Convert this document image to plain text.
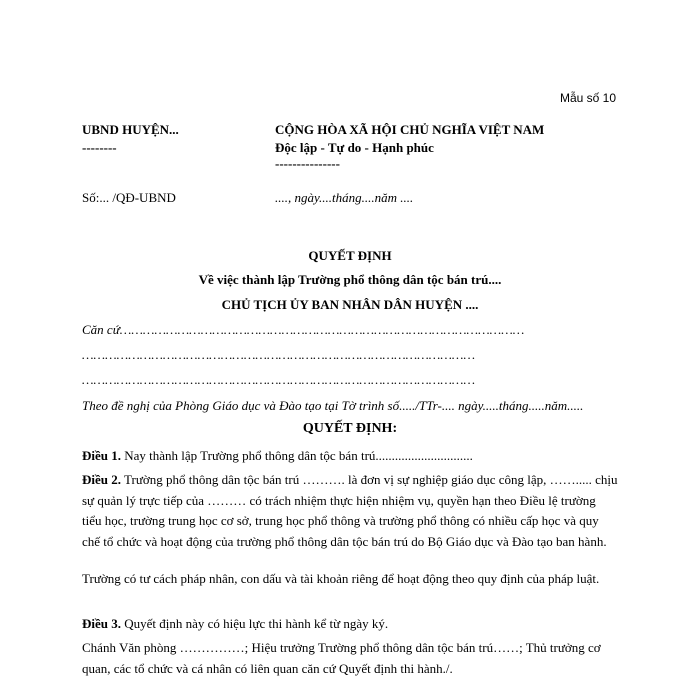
Mẫu số 10
UBND HUYỆN...
--------
CỘNG HÒA XÃ HỘI CHỦ NGHĨA VIỆT NAM
Độc lập - Tự do - Hạnh phúc
---------------
Số:... /QĐ-UBND	...., ngày....tháng....năm ....
QUYẾT ĐỊNH
Về việc thành lập Trường phổ thông dân tộc bán trú....
CHỦ TỊCH ỦY BAN NHÂN DÂN HUYỆN ....
Căn cứ……………………………………………………………………………………………
…………………………………………………………………………………………
…………………………………………………………………………………………
Theo đề nghị của Phòng Giáo dục và Đào tạo tại Tờ trình số...../TTr-.... ngày.....tháng.....năm.....
QUYẾT ĐỊNH:
Điều 1. Nay thành lập Trường phổ thông dân tộc bán trú..............................
Điều 2. Trường phổ thông dân tộc bán trú ………. là đơn vị sự nghiệp giáo dục công lập, ……..... chịu sự quản lý trực tiếp của ……… có trách nhiệm thực hiện nhiệm vụ, quyền hạn theo Điều lệ trường tiểu học, trường trung học cơ sở, trung học phổ thông và trường phổ thông có nhiều cấp học và quy chế tổ chức và hoạt động của trường phổ thông dân tộc bán trú do Bộ Giáo dục và Đào tạo ban hành.
Trường có tư cách pháp nhân, con dấu và tài khoản riêng để hoạt động theo quy định của pháp luật.
Điều 3. Quyết định này có hiệu lực thi hành kể từ ngày ký.
Chánh Văn phòng ……………; Hiệu trưởng Trường phổ thông dân tộc bán trú……; Thủ trưởng cơ quan, các tổ chức và cá nhân có liên quan căn cứ Quyết định thi hành./.
